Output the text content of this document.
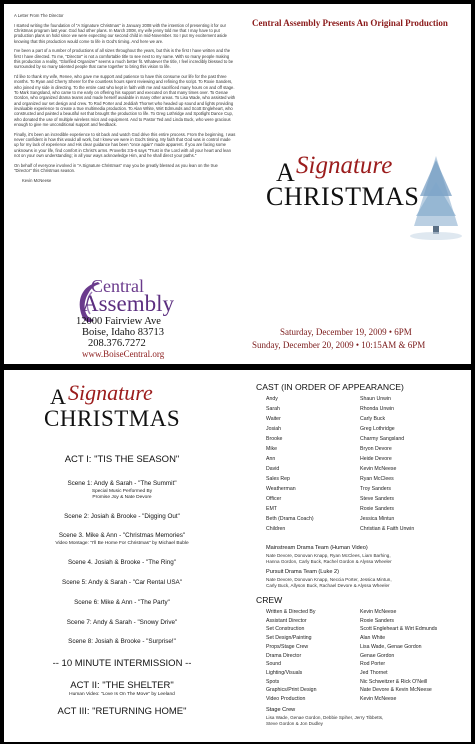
A Letter From The Director
I started writing the foundation of "A Signature Christmas" in January 2008 with the intention of presenting it for our Christmas program last year. God had other plans. In March 2008, my wife jenny told me that I may have to put production plans on hold since we were expecting our second child in mid-November. So I put my excitement aside knowing that this production would come to life in God's timing. And here we are.
I've been a part of a number of productions of all sizes throughout the years, but this is the first I have written and the first I have directed. To me, "Director" is not a comfortable title to see next to my name. With so many people making this production a reality, "Glorified Organizer" seems a much better fit. Whatever the title, I feel incredibly blessed to be surrounded by so many talented people that came together to bring this vision to life.
I'd like to thank my wife, Renee, who gave me support and patience to have this consume our life for the past three months. To Ryan and Cherry Sherer for the countless hours spent reviewing and refining the script. To Roxie Sanders, who joined my side in directing. To the entire cast who kept in faith with me and sacrificed many hours on and off stage. To Mark Sangsland, who came to me early on offering his support and executed on that many times over. To Genae Gordon, who organized drama teams and made herself available in many other areas. To Lisa Wade, who assisted with and organized our set design and crew. To Rod Porter and Jeddiah Thornet who headed up sound and lights providing invaluable experience to create a true multimedia production. To Alan White, Wirt Edmunds and Scott Engleheart, who constructed and painted a beautiful set that brought the production to life. To Greg Lothridge and Spotlight Dance Cup, who donated the use of multiple wireless mics and equipment. And to Pastor Ted and Linda Buck, who were gracious enough to give me unconditional support and feedback.
Finally, it's been an incredible experience to sit back and watch God drive this entire process. From the beginning, I was never confident in how this would all work, but I knew we were in God's timing. My faith that God was in control made up for my lack of experience and His clear guidance has been "once again" made apparent. If you are facing some unknowns in your life, find comfort in Christ's arms. Proverbs 3:5-6 says "Trust in the Lord with all your heart and lean not on your own understanding; in all your ways acknowledge Him, and he shall direct your paths."
On behalf of everyone involved in "A Signature Christmas" may you be greatly blessed as you lean on the true "Director" this Christmas season.
Kevin McNeese
Central
Assembly
12000 Fairview Ave
Boise, Idaho 83713
208.376.7272
www.BoiseCentral.org
Central Assembly Presents An Original Production
A Signature
CHRISTMAS
Saturday, December 19, 2009 • 6PM
Sunday, December 20, 2009 • 10:15AM & 6PM
A Signature
CHRISTMAS
ACT I: "TIS THE SEASON"
Scene 1: Andy & Sarah - "The Summit"
Special Music Performed By
Promise Joy & Nate Devore
Scene 2: Josiah & Brooke - "Digging Out"
Scene 3. Mike & Ann - "Christmas Memories"
Video Montage: "I'll Be Home For Christmas" by Michael Buble
Scene 4. Josiah & Brooke - "The Ring"
Scene 5: Andy & Sarah - "Car Rental USA"
Scene 6: Mike & Ann - "The Party"
Scene 7: Andy & Sarah - "Snowy Drive"
Scene 8: Josiah & Brooke - "Surprise!"
-- 10 MINUTE INTERMISSION --
ACT II: "THE SHELTER"
Human Video: "Love Is On The Move" by Leeland
ACT III: "RETURNING HOME"
CAST (IN ORDER OF APPEARANCE)
Andy	Shaun Unwin
Sarah	Rhonda Unwin
Waiter	Carly Buck
Josiah	Greg Lothridge
Brooke	Charmy Sangsland
Mike	Bryon Devore
Ann	Heide Devore
David	Kevin McNeese
Sales Rep	Ryan McClees
Weatherman	Troy Sanders
Officer	Steve Sanders
EMT	Roxie Sanders
Beth (Drama Coach)	Jessica Mintun
Children	Christian & Faith Unwin
Mainstream Drama Team (Human Video)
Nate Devore, Donovan Knapp, Ryan McClees, Liam Barhing,
Hanna Gordon, Carly Buck, Rachel Gordon & Alyssa Wheeler
Pursuit Drama Team (Luke 2)
Nate Devore, Donovan Knapp, Neccia Porter, Jessica Mintun,
Carly Buck, Allyson Buck, Rachael Devore & Alyssa Wheeler
CREW
Written & Directed By	Kevin McNeese
Assistant Director	Roxie Sanders
Set Construction	Scott Engleheart & Wirt Edmunds
Set Design/Painting	Alan White
Props/Stage Crew	Lisa Wade, Genae Gordon
Drama Director	Genae Gordon
Sound	Rod Porter
Lighting/Visuals	Jed Thornet
Spots	Nic Schweitzer & Rick O'Neill
Graphics/Print Design	Nate Devore & Kevin McNeese
Video Production	Kevin McNeese
Stage Crew
Lisa Wade, Genae Gordon, Debbie Spiher, Jerry Tibbetts,
Steve Gordon & Jon Dudley
